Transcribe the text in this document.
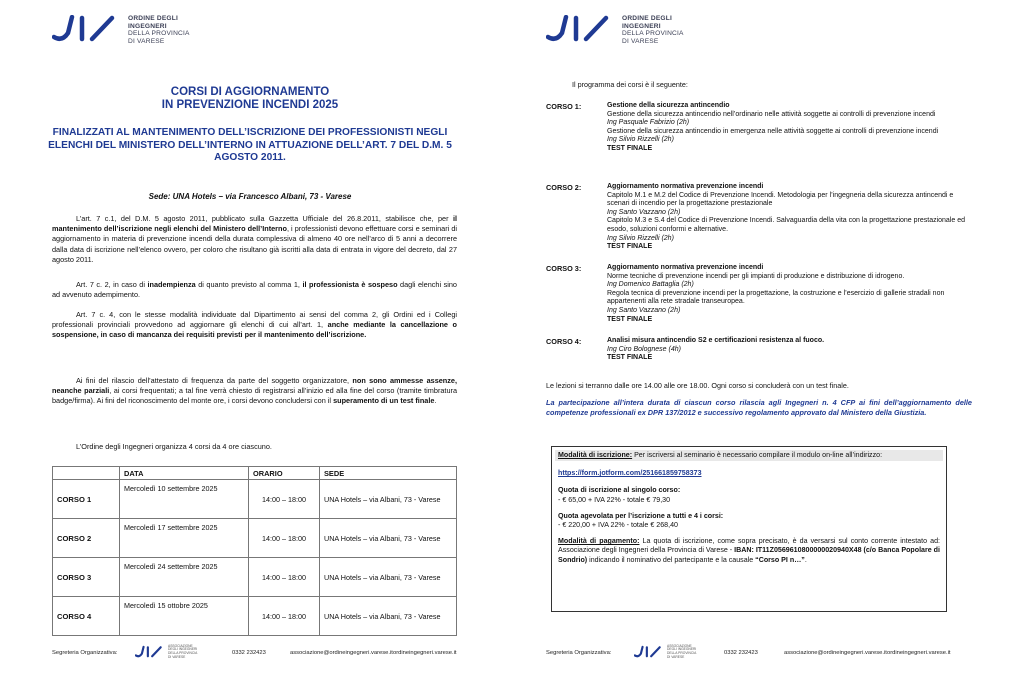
ORDINE DEGLI
INGEGNERI
DELLA PROVINCIA
DI VARESE
CORSI DI AGGIORNAMENTO
IN PREVENZIONE INCENDI 2025
FINALIZZATI AL MANTENIMENTO DELL’ISCRIZIONE DEI PROFESSIONISTI NEGLI
ELENCHI DEL MINISTERO DELL’INTERNO IN ATTUAZIONE DELL’ART. 7 DEL D.M. 5
AGOSTO 2011.
Sede: UNA Hotels – via Francesco Albani, 73 - Varese
L’art. 7 c.1, del D.M. 5 agosto 2011, pubblicato sulla Gazzetta Ufficiale del 26.8.2011, stabilisce che, per il mantenimento dell’iscrizione negli elenchi del Ministero dell’Interno, i professionisti devono effettuare corsi e seminari di aggiornamento in materia di prevenzione incendi della durata complessiva di almeno 40 ore nell’arco di 5 anni a decorrere dalla data di iscrizione nell’elenco ovvero, per coloro che risultano già iscritti alla data di entrata in vigore del decreto, dal 27 agosto 2011.
Art. 7 c. 2, in caso di inadempienza di quanto previsto al comma 1, il professionista è sospeso dagli elenchi sino ad avvenuto adempimento.
Art. 7 c. 4, con le stesse modalità individuate dal Dipartimento ai sensi del comma 2, gli Ordini ed i Collegi professionali provinciali provvedono ad aggiornare gli elenchi di cui all’art. 1, anche mediante la cancellazione o sospensione, in caso di mancanza dei requisiti previsti per il mantenimento dell’iscrizione.
Ai fini del rilascio dell’attestato di frequenza da parte del soggetto organizzatore, non sono ammesse assenze, neanche parziali, ai corsi frequentati; a tal fine verrà chiesto di registrarsi all’inizio ed alla fine del corso (tramite timbratura badge/firma). Ai fini del riconoscimento del monte ore, i corsi devono concludersi con il superamento di un test finale.
L’Ordine degli Ingegneri organizza 4 corsi da 4 ore ciascuno.
	DATA	ORARIO	SEDE
CORSO 1	Mercoledì 10 settembre 2025	14:00 – 18:00	UNA Hotels – via Albani, 73 - Varese
CORSO 2	Mercoledì 17 settembre 2025	14:00 – 18:00	UNA Hotels – via Albani, 73 - Varese
CORSO 3	Mercoledì 24 settembre 2025	14:00 – 18:00	UNA Hotels – via Albani, 73 - Varese
CORSO 4	Mercoledì 15 ottobre 2025	14:00 – 18:00	UNA Hotels – via Albani, 73 - Varese
Segreteria Organizzativa:
ASSOCIAZIONE
DEGLI INGEGNERI
DELLA PROVINCIA
DI VARESE
0332 232423	associazione@ordineingegneri.varese.it ordineingegneri.varese.it
ORDINE DEGLI
INGEGNERI
DELLA PROVINCIA
DI VARESE
Il programma dei corsi è il seguente:
CORSO 1:	Gestione della sicurezza antincendio
Gestione della sicurezza antincendio nell’ordinario nelle attività soggette ai controlli di prevenzione incendi
Ing Pasquale Fabrizio (2h)
Gestione della sicurezza antincendio in emergenza nelle attività soggette ai controlli di prevenzione incendi
Ing Silvio Rizzelli (2h)
TEST FINALE
CORSO 2:	Aggiornamento normativa prevenzione incendi
Capitolo M.1 e M.2 del Codice di Prevenzione Incendi. Metodologia per l’ingegneria della sicurezza antincendi e scenari di incendio per la progettazione prestazionale
Ing Santo Vazzano (2h)
Capitolo M.3 e S.4 del Codice di Prevenzione Incendi. Salvaguardia della vita con la progettazione prestazionale ed esodo, soluzioni conformi e alternative.
Ing Silvio Rizzelli (2h)
TEST FINALE
CORSO 3:	Aggiornamento normativa prevenzione incendi
Norme tecniche di prevenzione incendi per gli impianti di produzione e distribuzione di idrogeno.
Ing Domenico Battaglia (2h)
Regola tecnica di prevenzione incendi per la progettazione, la costruzione e l’esercizio di gallerie stradali non appartenenti alla rete stradale transeuropea.
Ing Santo Vazzano (2h)
TEST FINALE
CORSO 4:	Analisi misura antincendio S2 e certificazioni resistenza al fuoco.
Ing Ciro Bolognese (4h)
TEST FINALE
Le lezioni si terranno dalle ore 14.00 alle ore 18.00. Ogni corso si concluderà con un test finale.
La partecipazione all’intera durata di ciascun corso rilascia agli Ingegneri n. 4 CFP ai fini dell’aggiornamento delle competenze professionali ex DPR 137/2012 e successivo regolamento approvato dal Ministero della Giustizia.
Modalità di iscrizione: Per iscriversi al seminario è necessario compilare il modulo on-line all’indirizzo:
https://form.jotform.com/251661859758373
Quota di iscrizione al singolo corso:
- € 65,00 + IVA 22% - totale € 79,30
Quota agevolata per l’iscrizione a tutti e 4 i corsi:
- € 220,00 + IVA 22% - totale € 268,40
Modalità di pagamento: La quota di iscrizione, come sopra precisato, è da versarsi sul conto corrente intestato ad: Associazione degli Ingegneri della Provincia di Varese - IBAN: IT11Z0569610800000020940X48 (c/o Banca Popolare di Sondrio) indicando il nominativo del partecipante e la causale “Corso PI n…”.
Segreteria Organizzativa:
ASSOCIAZIONE
DEGLI INGEGNERI
DELLA PROVINCIA
DI VARESE
0332 232423	associazione@ordineingegneri.varese.it ordineingegneri.varese.it
